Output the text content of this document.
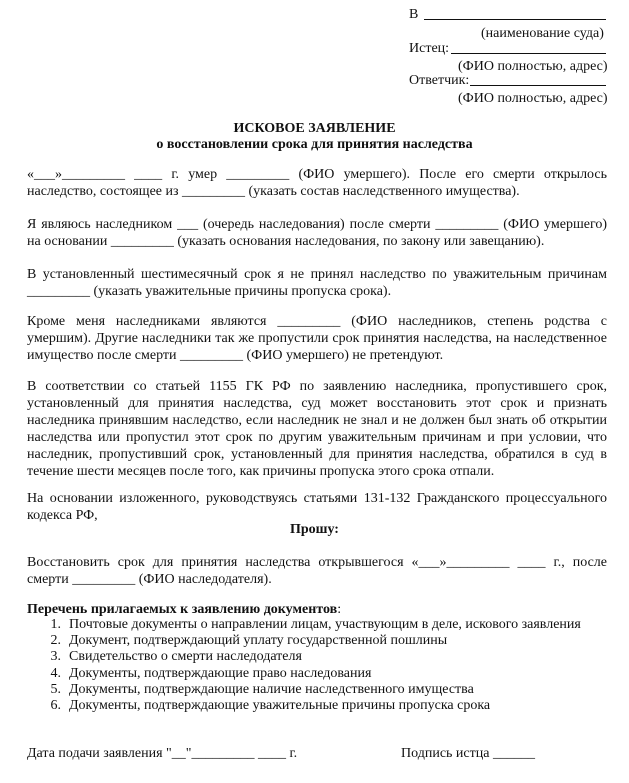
В
(наименование суда)
Истец:
(ФИО полностью, адрес)
Ответчик:
(ФИО полностью, адрес)
ИСКОВОЕ ЗАЯВЛЕНИЕ
о восстановлении срока для принятия наследства
«___»_________ ____ г. умер _________ (ФИО умершего). После его смерти открылось
наследство, состоящее из _________ (указать состав наследственного имущества).
Я являюсь наследником ___ (очередь наследования) после смерти _________ (ФИО умершего)
на основании _________ (указать основания наследования, по закону или завещанию).
В установленный шестимесячный срок я не принял наследство по уважительным причинам
_________ (указать уважительные причины пропуска срока).
Кроме меня наследниками являются _________ (ФИО наследников, степень родства с
умершим). Другие наследники так же пропустили срок принятия наследства, на наследственное
имущество после смерти _________ (ФИО умершего) не претендуют.
В соответствии со статьей 1155 ГК РФ по заявлению наследника, пропустившего срок,
установленный для принятия наследства, суд может восстановить этот срок и признать
наследника принявшим наследство, если наследник не знал и не должен был знать об открытии
наследства или пропустил этот срок по другим уважительным причинам и при условии, что
наследник, пропустивший срок, установленный для принятия наследства, обратился в суд в
течение шести месяцев после того, как причины пропуска этого срока отпали.
На основании изложенного, руководствуясь статьями 131-132 Гражданского процессуального
кодекса РФ,
Прошу:
Восстановить срок для принятия наследства открывшегося «___»_________ ____ г., после
смерти _________ (ФИО наследодателя).
Перечень прилагаемых к заявлению документов:
1. Почтовые документы о направлении лицам, участвующим в деле, искового заявления
2. Документ, подтверждающий уплату государственной пошлины
3. Свидетельство о смерти наследодателя
4. Документы, подтверждающие право наследования
5. Документы, подтверждающие наличие наследственного имущества
6. Документы, подтверждающие уважительные причины пропуска срока
Дата подачи заявления "__"_________ ____ г.	Подпись истца ______
